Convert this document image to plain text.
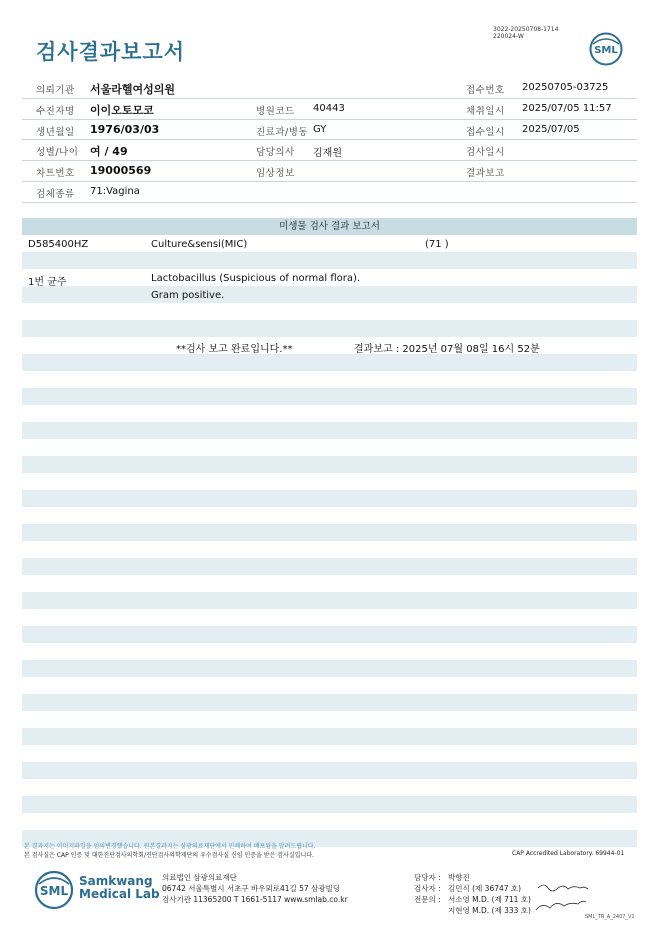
3022-20250708-1714
220024-W
검사결과보고서	SML
의뢰기관 서울라헬여성의원	접수번호 20250705-03725
수진자명 이이오토모코	병원코드 40443	채취일시 2025/07/05 11:57
생년월일 1976/03/03	진료과/병동 GY	접수일시 2025/07/05
성별/나이 여 / 49	담당의사 김재원	검사일시
차트번호 19000569	임상정보	결과보고
검체종류 71:Vagina
미생물 검사 결과 보고서
D585400HZ	Culture&sensi(MIC)	(71 )
1번 균주	Lactobacillus (Suspicious of normal flora).
Gram positive.
**검사 보고 완료입니다.**	결과보고 : 2025년 07월 08일 16시 52분
본 결과지는 이미지파일을 임의변경했습니다. 원본결과지는 삼광의료재단에서 인쇄하여 배포됨을 알려드립니다.
본 검사실은 CAP 인증 및 대한진단검사의학회/진단검사의학재단의 우수검사실 신임 인증을 받은 검사실입니다.	CAP Accredited Laboratory. 69944-01
SML
Samkwang
Medical Lab
의료법인 삼광의료재단
06742 서울특별시 서초구 바우뫼로41길 57 삼광빌딩
검사기관 11365200 T 1661-5117 www.smlab.co.kr
담당자 : 박향진
검사자 : 김민식 (제 36747 호)
전문의 : 서소영 M.D. (제 711 호)
지현영 M.D. (제 333 호)
SML_TR_A_2407_V1
